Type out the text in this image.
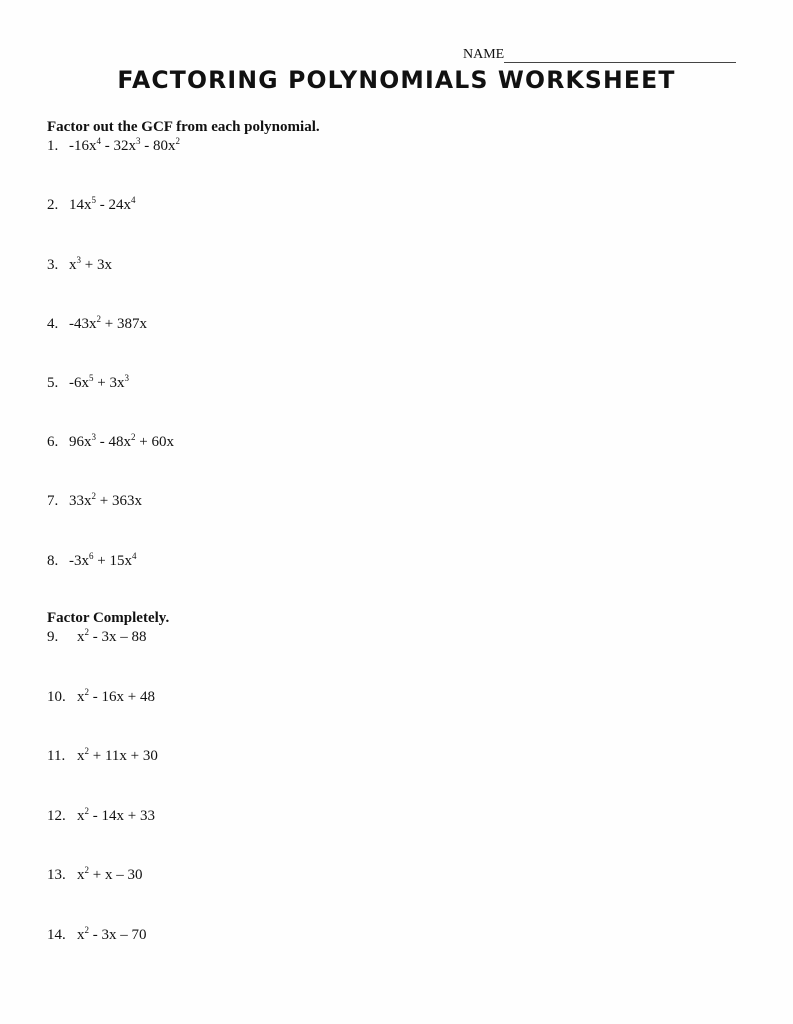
NAME
FACTORING POLYNOMIALS WORKSHEET
Factor out the GCF from each polynomial.
Factor Completely.
1. $-16x^4 - 32x^3 - 80x^2$
2. $14x^5 - 24x^4$
3. $x^3 + 3x$
4. $-43x^2 + 387x$
5. $-6x^5 + 3x^3$
6. $96x^3 - 48x^2 + 60x$
7. $33x^2 + 363x$
8. $-3x^6 + 15x^4$
9. $x^2 - 3x - 88$
10. $x^2 - 16x + 48$
11. $x^2 + 11x + 30$
12. $x^2 - 14x + 33$
13. $x^2 + x - 30$
14. $x^2 - 3x - 70$
